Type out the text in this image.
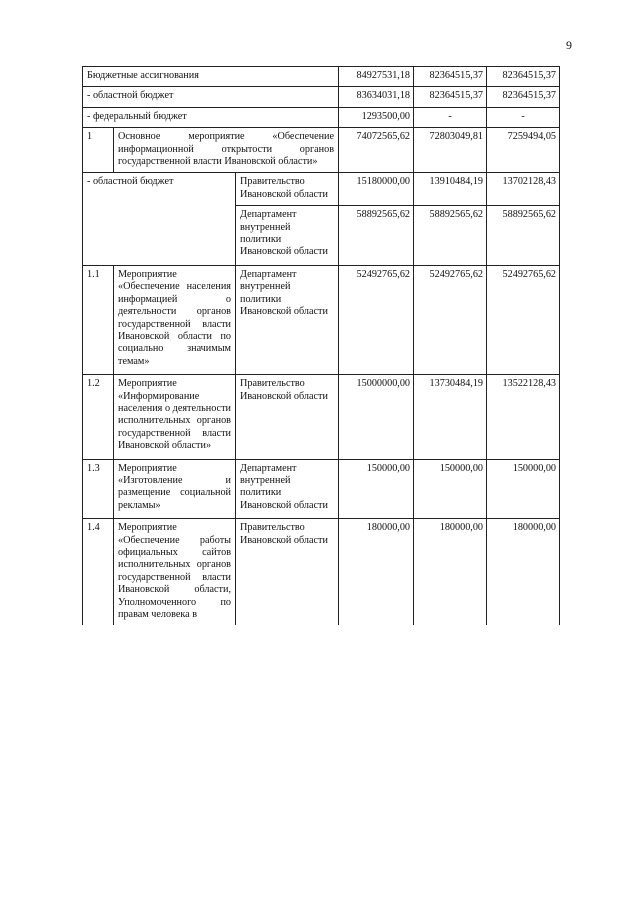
9
Бюджетные ассигнования			84927531,18	82364515,37	82364515,37
- областной бюджет			83634031,18	82364515,37	82364515,37
- федеральный бюджет			1293500,00	-	-
1	Основное мероприятие «Обеспечение информационной открытости органов государственной власти Ивановской области»		74072565,62	72803049,81	7259494,05
- областной бюджет		Правительство Ивановской области	15180000,00	13910484,19	13702128,43
		Департамент внутренней политики Ивановской области	58892565,62	58892565,62	58892565,62
1.1	Мероприятие «Обеспечение населения информацией о деятельности органов государственной власти Ивановской области по социально значимым темам»	Департамент внутренней политики Ивановской области	52492765,62	52492765,62	52492765,62
1.2	Мероприятие «Информирование населения о деятельности исполнительных органов государственной власти Ивановской области»	Правительство Ивановской области	15000000,00	13730484,19	13522128,43
1.3	Мероприятие «Изготовление и размещение социальной рекламы»	Департамент внутренней политики Ивановской области	150000,00	150000,00	150000,00
1.4	Мероприятие «Обеспечение работы официальных сайтов исполнительных органов государственной власти Ивановской области, Уполномоченного по правам человека в	Правительство Ивановской области	180000,00	180000,00	180000,00
